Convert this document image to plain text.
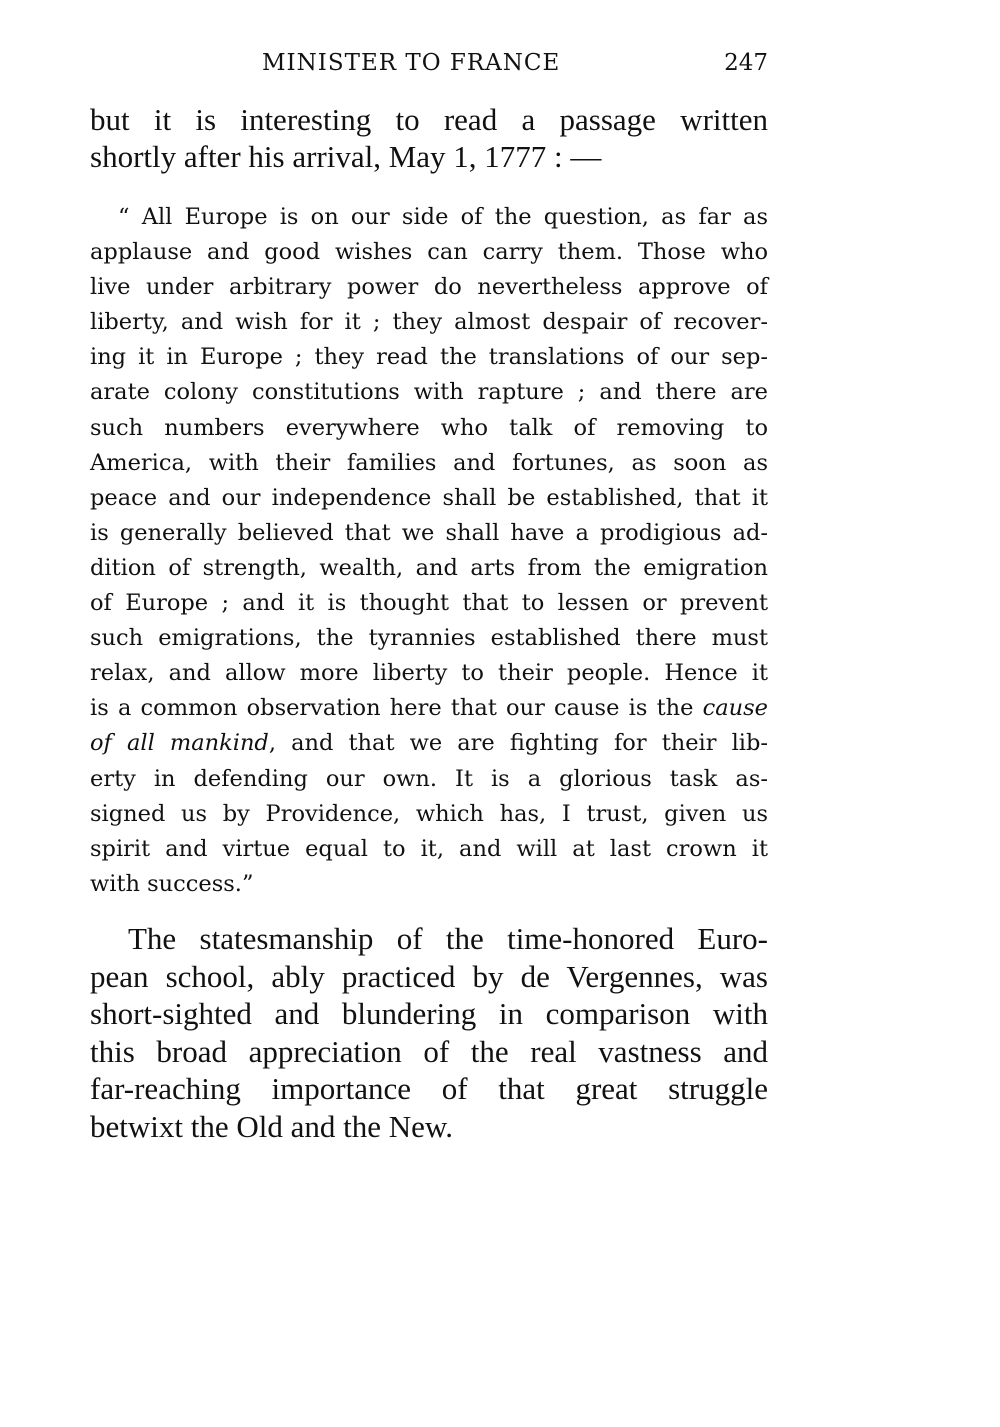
MINISTER TO FRANCE	247
but it is interesting to read a passage written
shortly after his arrival, May 1, 1777 : —
“ All Europe is on our side of the question, as far as
applause and good wishes can carry them. Those who
live under arbitrary power do nevertheless approve of
liberty, and wish for it ; they almost despair of recover-
ing it in Europe ; they read the translations of our sep-
arate colony constitutions with rapture ; and there are
such numbers everywhere who talk of removing to
America, with their families and fortunes, as soon as
peace and our independence shall be established, that it
is generally believed that we shall have a prodigious ad-
dition of strength, wealth, and arts from the emigration
of Europe ; and it is thought that to lessen or prevent
such emigrations, the tyrannies established there must
relax, and allow more liberty to their people. Hence it
is a common observation here that our cause is the cause
of all mankind, and that we are fighting for their lib-
erty in defending our own. It is a glorious task as-
signed us by Providence, which has, I trust, given us
spirit and virtue equal to it, and will at last crown it
with success.”
The statesmanship of the time-honored Euro-
pean school, ably practiced by de Vergennes, was
short-sighted and blundering in comparison with
this broad appreciation of the real vastness and
far-reaching importance of that great struggle
betwixt the Old and the New.
